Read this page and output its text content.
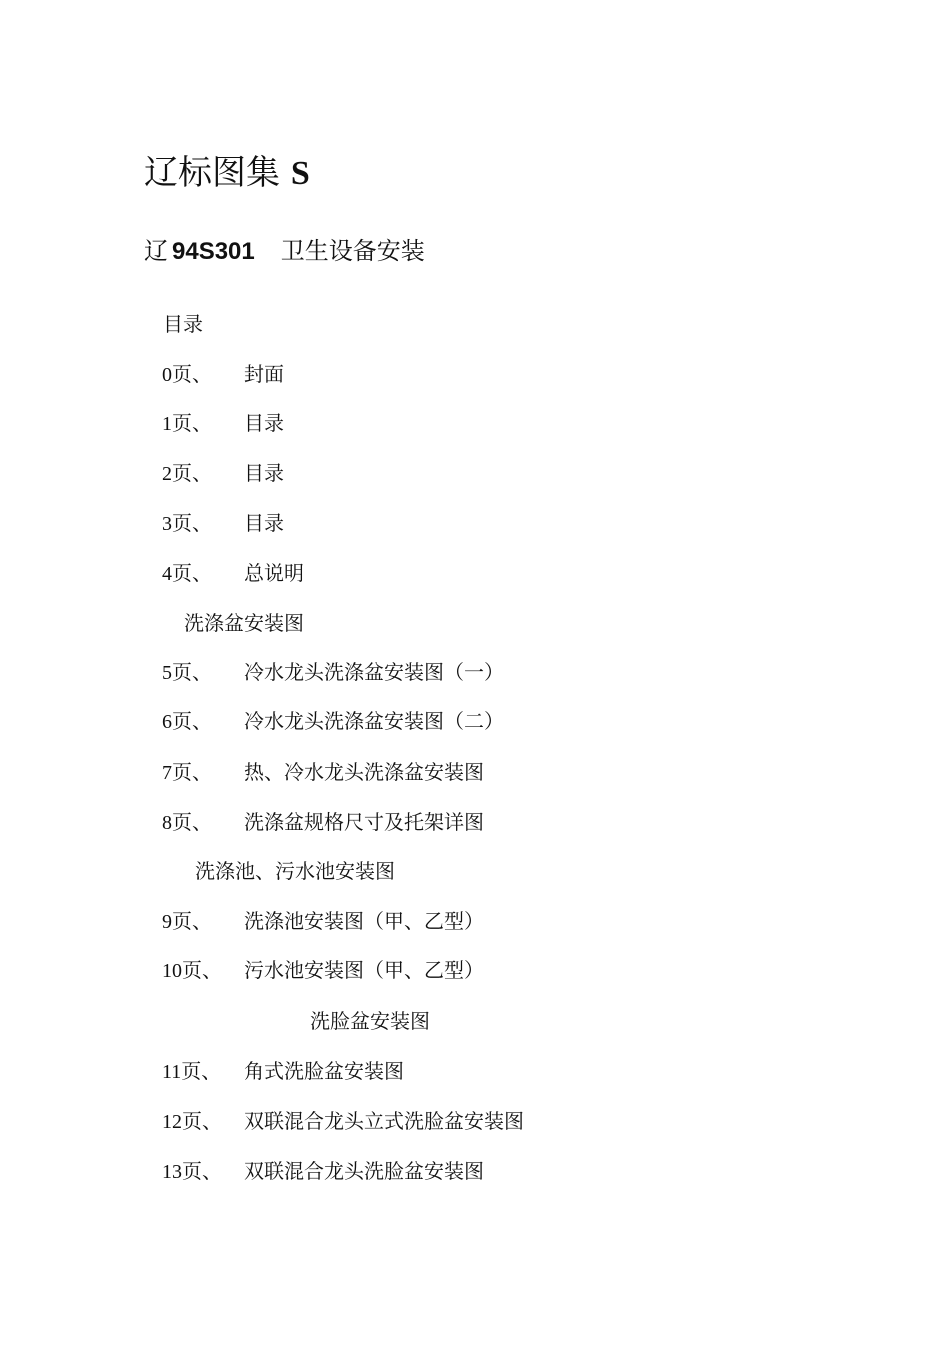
辽标图集 S
辽 94S301 卫生设备安装
目录
0页、 封面
1页、 目录
2页、 目录
3页、 目录
4页、 总说明
洗涤盆安装图
5页、 冷水龙头洗涤盆安装图（一）
6页、 冷水龙头洗涤盆安装图（二）
7页、 热、冷水龙头洗涤盆安装图
8页、 洗涤盆规格尺寸及托架详图
洗涤池、污水池安装图
9页、 洗涤池安装图（甲、乙型）
10页、 污水池安装图（甲、乙型）
洗脸盆安装图
11页、 角式洗脸盆安装图
12页、 双联混合龙头立式洗脸盆安装图
13页、 双联混合龙头洗脸盆安装图
